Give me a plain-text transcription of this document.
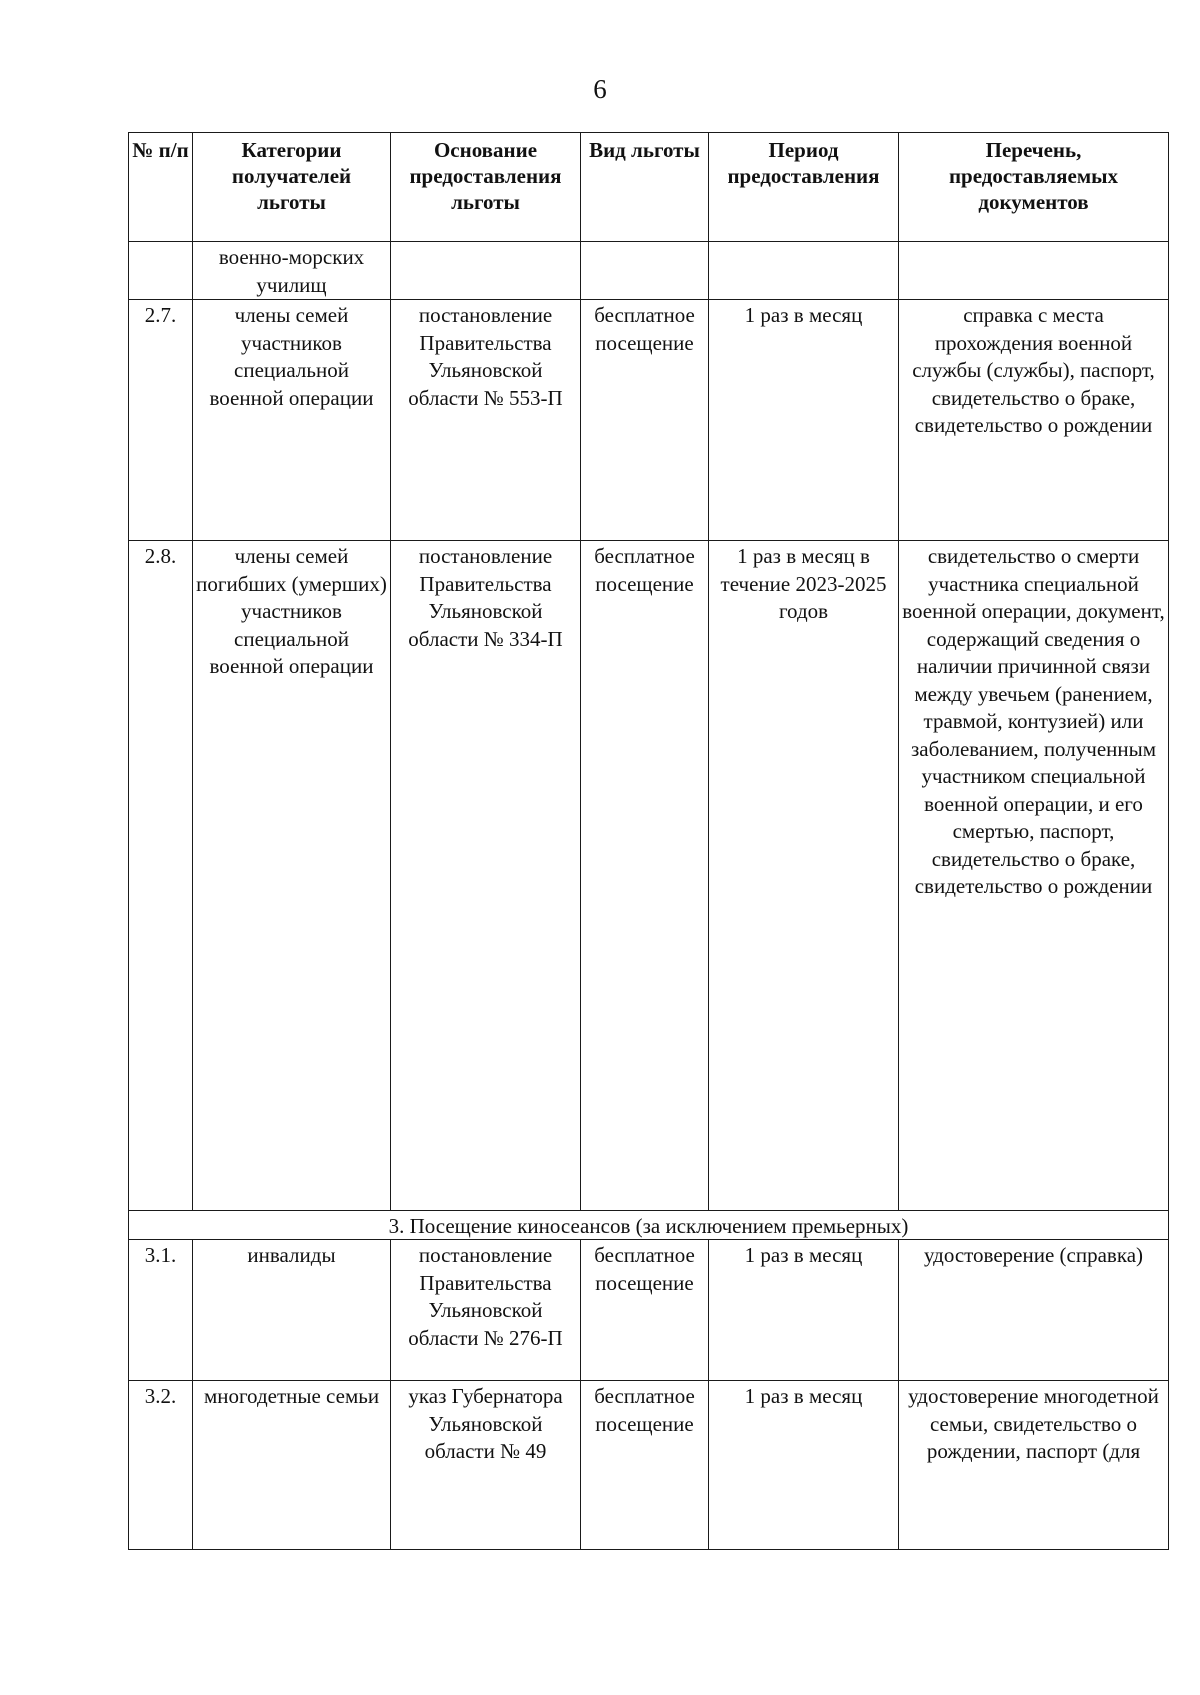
6
№ п/п	Категории получателей льготы	Основание предоставления льготы	Вид льготы	Период предоставления	Перечень, предоставляемых документов
	военно-морских училищ				
2.7.	члены семей участников специальной военной операции	постановление Правительства Ульяновской области № 553-П	бесплатное посещение	1 раз в месяц	справка с места прохождения военной службы (службы), паспорт, свидетельство о браке, свидетельство о рождении
2.8.	члены семей погибших (умерших) участников специальной военной операции	постановление Правительства Ульяновской области № 334-П	бесплатное посещение	1 раз в месяц в течение 2023-2025 годов	свидетельство о смерти участника специальной военной операции, документ, содержащий сведения о наличии причинной связи между увечьем (ранением, травмой, контузией) или заболеванием, полученным участником специальной военной операции, и его смертью, паспорт, свидетельство о браке, свидетельство о рождении
3. Посещение киносеансов (за исключением премьерных)					
3.1.	инвалиды	постановление Правительства Ульяновской области № 276-П	бесплатное посещение	1 раз в месяц	удостоверение (справка)
3.2.	многодетные семьи	указ Губернатора Ульяновской области № 49	бесплатное посещение	1 раз в месяц	удостоверение многодетной семьи, свидетельство о рождении, паспорт (для
